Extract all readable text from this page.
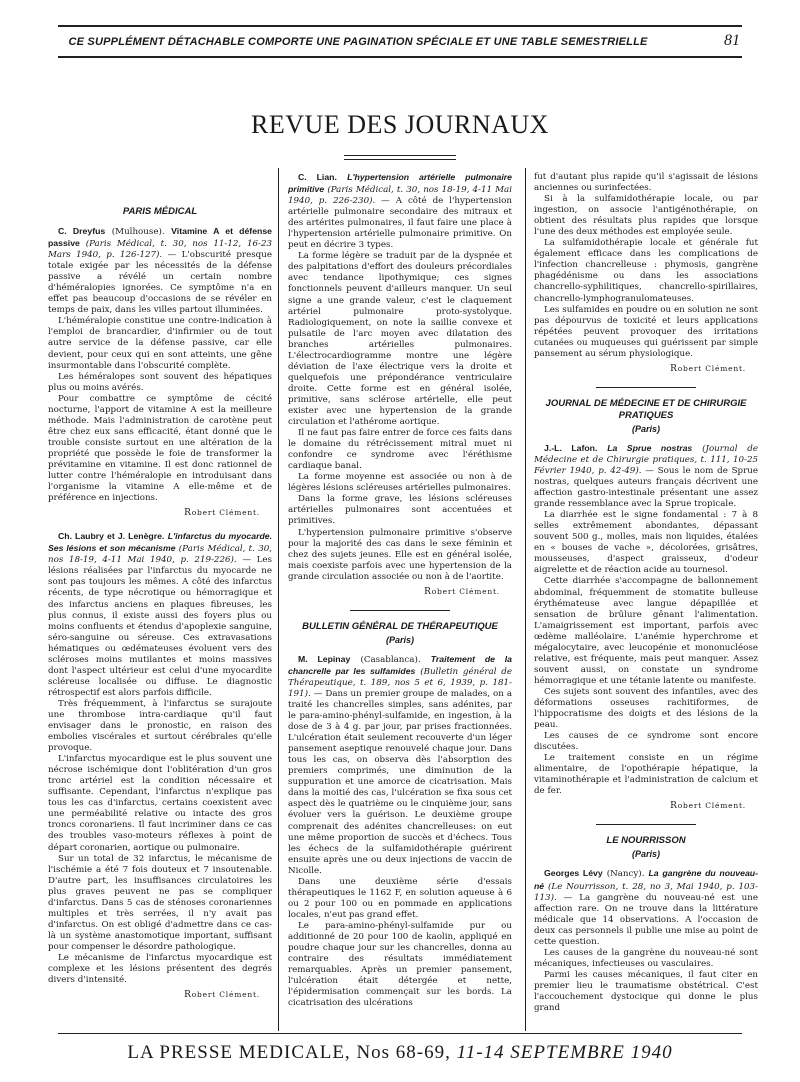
CE SUPPLÉMENT DÉTACHABLE COMPORTE UNE PAGINATION SPÉCIALE ET UNE TABLE SEMESTRIELLE	81
REVUE DES JOURNAUX
PARIS MÉDICAL

C. Dreyfus (Mulhouse). Vitamine A et défense passive (Paris Médical, t. 30, nos 11-12, 16-23 Mars 1940, p. 126-127). — L'obscurité presque totale exigée par les nécessités de la défense passive a révélé un certain nombre d'héméralopies ignorées. Ce symptôme n'a en effet pas beaucoup d'occasions de se révéler en temps de paix, dans les villes partout illuminées.

L'héméralopie constitue une contre-indication à l'emploi de brancardier, d'infirmier ou de tout autre service de la défense passive, car elle devient, pour ceux qui en sont atteints, une gêne insurmontable dans l'obscurité complète.

Les héméralopes sont souvent des hépatiques plus ou moins avérés.

Pour combattre ce symptôme de cécité nocturne, l'apport de vitamine A est la meilleure méthode. Mais l'administration de carotène peut être chez eux sans efficacité, étant donné que le trouble consiste surtout en une altération de la propriété que possède le foie de transformer la prévitamine en vitamine. Il est donc rationnel de lutter contre l'héméralopie en introduisant dans l'organisme la vitamine A elle-même et de préférence en injections.

Robert Clément.

Ch. Laubry et J. Lenègre. L'infarctus du myocarde. Ses lésions et son mécanisme (Paris Médical, t. 30, nos 18-19, 4-11 Mai 1940, p. 219-226). — Les lésions réalisées par l'infarctus du myocarde ne sont pas toujours les mêmes. A côté des infarctus récents, de type nécrotique ou hémorragique et des infarctus anciens en plaques fibreuses, les plus connus, il existe aussi des foyers plus ou moins confluents et étendus d'apoplexie sanguine, séro-sanguine ou séreuse. Ces extravasations hématiques ou œdémateuses évoluent vers des scléroses moins mutilantes et moins massives dont l'aspect ultérieur est celui d'une myocardite scléreuse localisée ou diffuse. Le diagnostic rétrospectif est alors parfois difficile.

Très fréquemment, à l'infarctus se surajoute une thrombose intra-cardiaque qu'il faut envisager dans le pronostic, en raison des embolies viscérales et surtout cérébrales qu'elle provoque.

L'infarctus myocardique est le plus souvent une nécrose ischémique dont l'oblitération d'un gros tronc artériel est la condition nécessaire et suffisante. Cependant, l'infarctus n'explique pas tous les cas d'infarctus, certains coexistent avec une perméabilité relative ou intacte des gros troncs coronariens. Il faut incriminer dans ce cas des troubles vaso-moteurs réflexes à point de départ coronarien, aortique ou pulmonaire.

Sur un total de 32 infarctus, le mécanisme de l'ischémie a été 7 fois douteux et 7 insoutenable. D'autre part, les insuffisances circulatoires les plus graves peuvent ne pas se compliquer d'infarctus. Dans 5 cas de sténoses coronariennes multiples et très serrées, il n'y avait pas d'infarctus. On est obligé d'admettre dans ce cas-là un système anastomotique important, suffisant pour compenser le désordre pathologique.

Le mécanisme de l'infarctus myocardique est complexe et les lésions présentent des degrés divers d'intensité.

Robert Clément.

C. Lian. L'hypertension artérielle pulmonaire primitive (Paris Médical, t. 30, nos 18-19, 4-11 Mai 1940, p. 226-230). — A côté de l'hypertension artérielle pulmonaire secondaire des mitraux et des artérites pulmonaires, il faut faire une place à l'hypertension artérielle pulmonaire primitive. On peut en décrire 3 types.

La forme légère se traduit par de la dyspnée et des palpitations d'effort des douleurs précordiales avec tendance lipothymique; ces signes fonctionnels peuvent d'ailleurs manquer. Un seul signe a une grande valeur, c'est le claquement artériel pulmonaire proto-systolyque. Radiologiquement, on note la saillie convexe et pulsatile de l'arc moyen avec dilatation des branches artérielles pulmonaires. L'électrocardiogramme montre une légère déviation de l'axe électrique vers la droite et quelquefois une prépondérance ventriculaire droite. Cette forme est en général isolée, primitive, sans sclérose artérielle, elle peut exister avec une hypertension de la grande circulation et l'athérome aortique.

Il ne faut pas faire entrer de force ces faits dans le domaine du rétrécissement mitral muet ni confondre ce syndrome avec l'éréthisme cardiaque banal.

La forme moyenne est associée ou non à de légères lésions scléreuses artérielles pulmonaires.

Dans la forme grave, les lésions scléreuses artérielles pulmonaires sont accentuées et primitives.

L'hypertension pulmonaire primitive s'observe pour la majorité des cas dans le sexe féminin et chez des sujets jeunes. Elle est en général isolée, mais coexiste parfois avec une hypertension de la grande circulation associée ou non à de l'aortite.

Robert Clément.
BULLETIN GÉNÉRAL DE THÉRAPEUTIQUE
(Paris)

M. Lepinay (Casablanca). Traitement de la chancrelle par les sulfamides (Bulletin général de Thérapeutique, t. 189, nos 5 et 6, 1939, p. 181-191). — Dans un premier groupe de malades, on a traité les chancrelles simples, sans adénites, par le para-amino-phényl-sulfamide, en ingestion, à la dose de 3 à 4 g. par jour, par prises fractionnées. L'ulcération était seulement recouverte d'un léger pansement aseptique renouvelé chaque jour. Dans tous les cas, on observa dès l'absorption des premiers comprimés, une diminution de la suppuration et une amorce de cicatrisation. Mais dans la moitié des cas, l'ulcération se fixa sous cet aspect dès le quatrième ou le cinquième jour, sans évoluer vers la guérison. Le deuxième groupe comprenait des adénites chancrelleuses: on eut une même proportion de succès et d'échecs. Tous les échecs de la sulfamidothérapie guérirent ensuite après une ou deux injections de vaccin de Nicolle.

Dans une deuxième série d'essais thérapeutiques le 1162 F, en solution aqueuse à 6 ou 2 pour 100 ou en pommade en applications locales, n'eut pas grand effet.

Le para-amino-phényl-sulfamide pur ou additionné de 20 pour 100 de kaolin, appliqué en poudre chaque jour sur les chancrelles, donna au contraire des résultats immédiatement remarquables. Après un premier pansement, l'ulcération était détergée et nette, l'épidermisation commençait sur les bords. La cicatrisation des ulcérations

fut d'autant plus rapide qu'il s'agissait de lésions anciennes ou surinfectées.

Si à la sulfamidothérapie locale, ou par ingestion, on associe l'antigénothérapie, on obtient des résultats plus rapides que lorsque l'une des deux méthodes est employée seule.

La sulfamidothérapie locale et générale fut également efficace dans les complications de l'infection chancrelleuse : phymosis, gangrène phagédénisme ou dans les associations chancrello-syphilitiques, chancrello-spirillaires, chancrello-lymphogranulomateuses.

Les sulfamides en poudre ou en solution ne sont pas dépourvus de toxicité et leurs applications répétées peuvent provoquer des irritations cutanées ou muqueuses qui guérissent par simple pansement au sérum physiologique.

Robert Clément.
JOURNAL DE MÉDECINE ET DE CHIRURGIE PRATIQUES
(Paris)

J.-L. Lafon. La Sprue nostras (Journal de Médecine et de Chirurgie pratiques, t. 111, 10-25 Février 1940, p. 42-49). — Sous le nom de Sprue nostras, quelques auteurs français décrivent une affection gastro-intestinale présentant une assez grande ressemblance avec la Sprue tropicale.

La diarrhée est le signe fondamental : 7 à 8 selles extrêmement abondantes, dépassant souvent 500 g., molles, mais non liquides, étalées en « bouses de vache », décolorées, grisâtres, mousseuses, d'aspect graisseux, d'odeur aigrelette et de réaction acide au tournesol.

Cette diarrhée s'accompagne de ballonnement abdominal, fréquemment de stomatite bulleuse érythémateuse avec langue dépapillée et sensation de brûlure gênant l'alimentation. L'amaigrissement est important, parfois avec œdème malléolaire. L'anémie hyperchrome et mégalocytaire, avec leucopénie et mononucléose relative, est fréquente, mais peut manquer. Assez souvent aussi, on constate un syndrome hémorragique et une tétanie latente ou manifeste.

Ces sujets sont souvent des infantiles, avec des déformations osseuses rachitiformes, de l'hippocratisme des doigts et des lésions de la peau.

Les causes de ce syndrome sont encore discutées.

Le traitement consiste en un régime alimentaire, de l'opothérapie hépatique, la vitaminothérapie et l'administration de calcium et de fer.

Robert Clément.
LE NOURRISSON
(Paris)

Georges Lévy (Nancy). La gangrène du nouveau-né (Le Nourrisson, t. 28, no 3, Mai 1940, p. 103-113). — La gangrène du nouveau-né est une affection rare. On ne trouve dans la littérature médicale que 14 observations. A l'occasion de deux cas personnels il publie une mise au point de cette question.

Les causes de la gangrène du nouveau-né sont mécaniques, infectieuses ou vasculaires.

Parmi les causes mécaniques, il faut citer en premier lieu le traumatisme obstétrical. C'est l'accouchement dystocique qui donne le plus grand

LA PRESSE MEDICALE, Nos 68-69, 11-14 SEPTEMBRE 1940
